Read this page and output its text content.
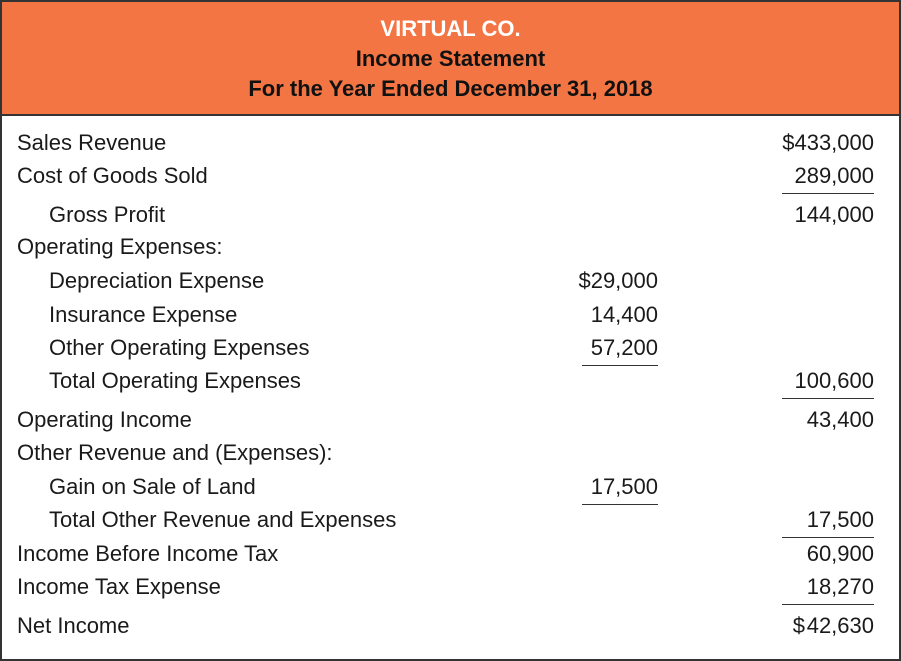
VIRTUAL CO.
Income Statement
For the Year Ended December 31, 2018
Sales Revenue	$433,000
Cost of Goods Sold	289,000
Gross Profit	144,000
Operating Expenses:
Depreciation Expense	$29,000
Insurance Expense	14,400
Other Operating Expenses	57,200
Total Operating Expenses	100,600
Operating Income	43,400
Other Revenue and (Expenses):
Gain on Sale of Land	17,500
Total Other Revenue and Expenses	17,500
Income Before Income Tax	60,900
Income Tax Expense	18,270
Net Income	42,630
$
